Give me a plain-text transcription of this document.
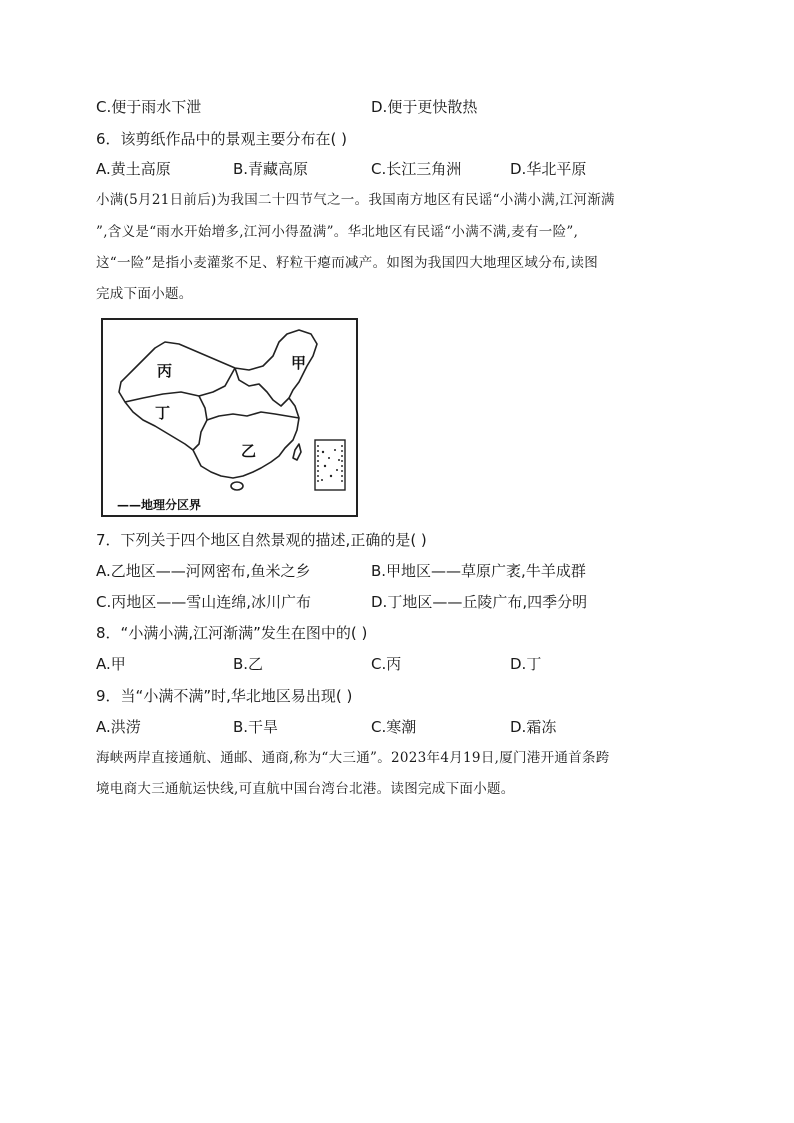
C.便于雨水下泄	D.便于更快散热
6．该剪纸作品中的景观主要分布在( )
A.黄土高原	B.青藏高原	C.长江三角洲	D.华北平原
小满(5月21日前后)为我国二十四节气之一。我国南方地区有民谣“小满小满,江河渐满
”,含义是“雨水开始增多,江河小得盈满”。华北地区有民谣“小满不满,麦有一险”,
这“一险”是指小麦灌浆不足、籽粒干瘪而减产。如图为我国四大地理区域分布,读图
完成下面小题。
丙	甲
丁
乙
——地理分区界
7．下列关于四个地区自然景观的描述,正确的是( )
A.乙地区——河网密布,鱼米之乡	B.甲地区——草原广袤,牛羊成群
C.丙地区——雪山连绵,冰川广布	D.丁地区——丘陵广布,四季分明
8．“小满小满,江河渐满”发生在图中的( )
A.甲	B.乙	C.丙	D.丁
9．当“小满不满”时,华北地区易出现( )
A.洪涝	B.干旱	C.寒潮	D.霜冻
海峡两岸直接通航、通邮、通商,称为“大三通”。2023年4月19日,厦门港开通首条跨
境电商大三通航运快线,可直航中国台湾台北港。读图完成下面小题。
